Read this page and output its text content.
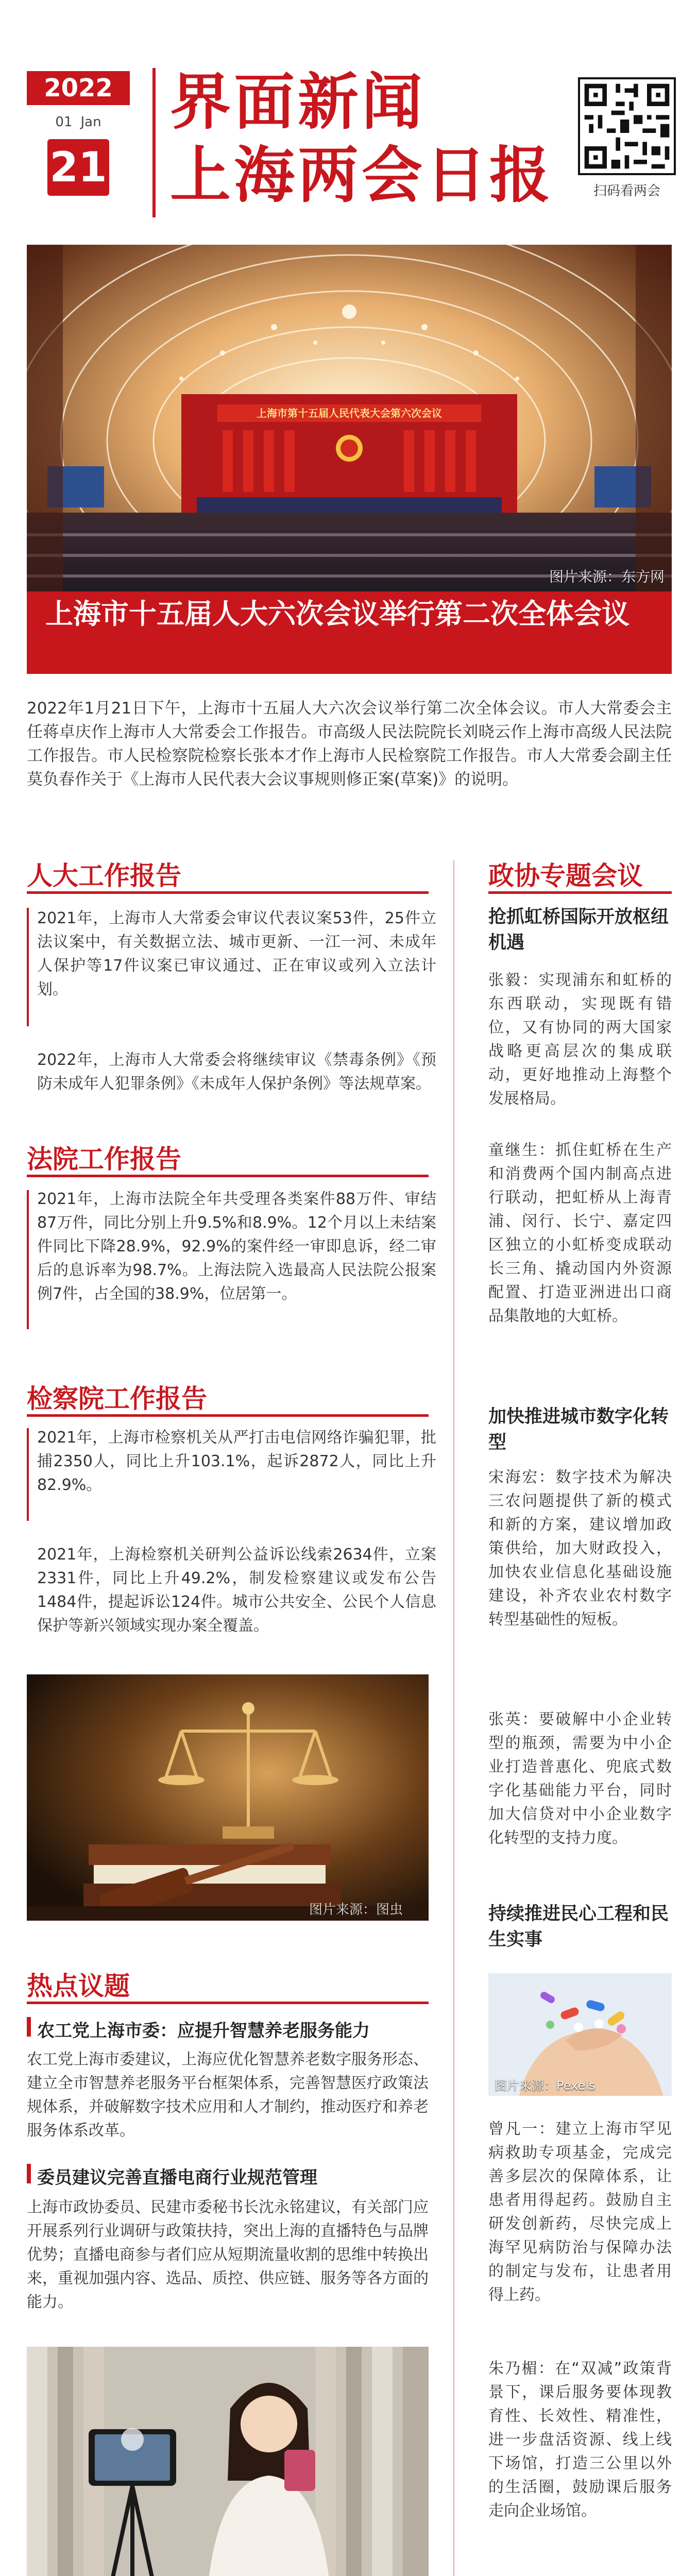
2022
01 Jan
21
界面新闻
上海两会日报	扫码看两会
上海市第十五届人民代表大会第六次会议
图片来源：东方网
上海市十五届人大六次会议举行第二次全体会议
2022年1月21日下午，上海市十五届人大六次会议举行第二次全体会议。市人大常委会主任蒋卓庆作上海市人大常委会工作报告。市高级人民法院院长刘晓云作上海市高级人民法院工作报告。市人民检察院检察长张本才作上海市人民检察院工作报告。市人大常委会副主任莫负春作关于《上海市人民代表大会议事规则修正案(草案)》的说明。
人大工作报告
2021年，上海市人大常委会审议代表议案53件，25件立法议案中，有关数据立法、城市更新、一江一河、未成年人保护等17件议案已审议通过、正在审议或列入立法计划。
2022年，上海市人大常委会将继续审议《禁毒条例》《预防未成年人犯罪条例》《未成年人保护条例》等法规草案。
法院工作报告
2021年，上海市法院全年共受理各类案件88万件、审结87万件，同比分别上升9.5%和8.9%。12个月以上未结案件同比下降28.9%，92.9%的案件经一审即息诉，经二审后的息诉率为98.7%。上海法院入选最高人民法院公报案例7件，占全国的38.9%，位居第一。
检察院工作报告
2021年，上海市检察机关从严打击电信网络诈骗犯罪，批捕2350人，同比上升103.1%，起诉2872人，同比上升82.9%。
2021年，上海检察机关研判公益诉讼线索2634件，立案2331件，同比上升49.2%，制发检察建议或发布公告1484件，提起诉讼124件。城市公共安全、公民个人信息保护等新兴领域实现办案全覆盖。
图片来源：图虫
热点议题
农工党上海市委：应提升智慧养老服务能力
农工党上海市委建议，上海应优化智慧养老数字服务形态、建立全市智慧养老服务平台框架体系，完善智慧医疗政策法规体系，并破解数字技术应用和人才制约，推动医疗和养老服务体系改革。
委员建议完善直播电商行业规范管理
上海市政协委员、民建市委秘书长沈永铭建议，有关部门应开展系列行业调研与政策扶持，突出上海的直播特色与品牌优势；直播电商参与者们应从短期流量收割的思维中转换出来，重视加强内容、选品、质控、供应链、服务等各方面的能力。
政协专题会议
抢抓虹桥国际开放枢纽机遇
张毅：实现浦东和虹桥的东西联动，实现既有错位，又有协同的两大国家战略更高层次的集成联动，更好地推动上海整个发展格局。
童继生：抓住虹桥在生产和消费两个国内制高点进行联动，把虹桥从上海青浦、闵行、长宁、嘉定四区独立的小虹桥变成联动长三角、撬动国内外资源配置、打造亚洲进出口商品集散地的大虹桥。
加快推进城市数字化转型
宋海宏：数字技术为解决三农问题提供了新的模式和新的方案，建议增加政策供给，加大财政投入，加快农业信息化基础设施建设，补齐农业农村数字转型基础性的短板。
张英：要破解中小企业转型的瓶颈，需要为中小企业打造普惠化、兜底式数字化基础能力平台，同时加大信贷对中小企业数字化转型的支持力度。
持续推进民心工程和民生实事
图片来源：Pexels
曾凡一：建立上海市罕见病救助专项基金，完成完善多层次的保障体系，让患者用得起药。鼓励自主研发创新药，尽快完成上海罕见病防治与保障办法的制定与发布，让患者用得上药。
朱乃楣：在“双减”政策背景下，课后服务要体现教育性、长效性、精准性，进一步盘活资源、线上线下场馆，打造三公里以外的生活圈，鼓励课后服务走向企业场馆。
